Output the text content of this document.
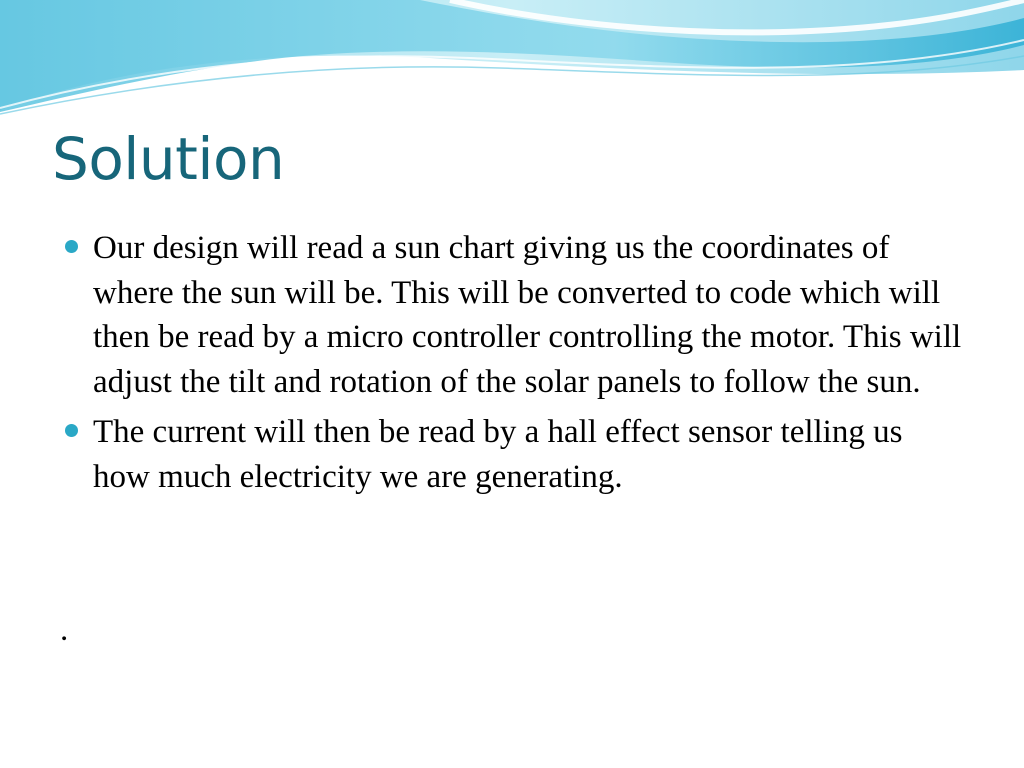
Solution
Our design will read a sun chart giving us the coordinates of where the sun will be. This will be converted to code which will then be read by a micro controller controlling the motor. This will adjust the tilt and rotation of the solar panels to follow the sun.
The current will then be read by a hall effect sensor telling us how much electricity we are generating.
.
